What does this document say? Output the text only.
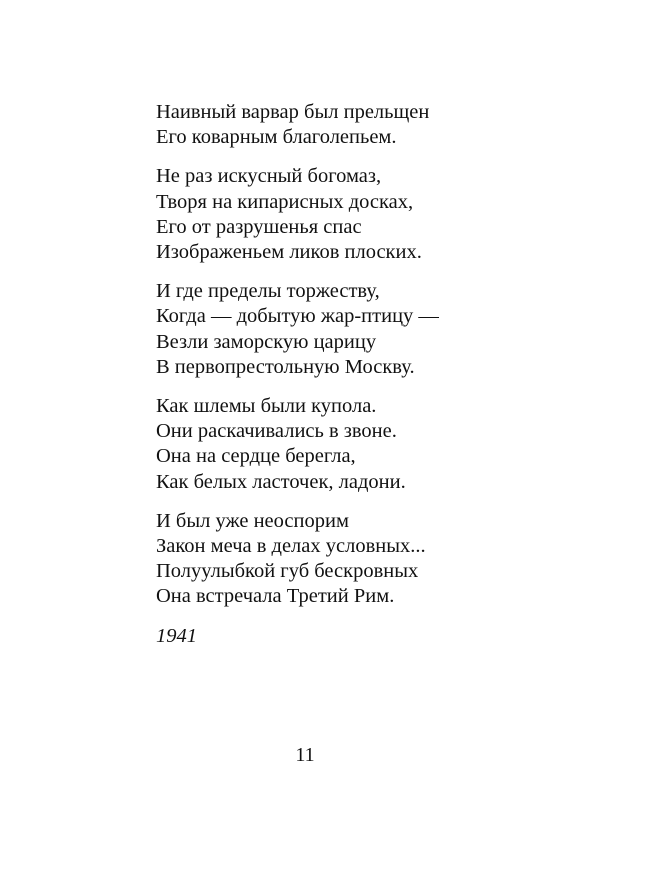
Наивный варвар был прельщен
Его коварным благолепьем.
Не раз искусный богомаз,
Творя на кипарисных досках,
Его от разрушенья спас
Изображеньем ликов плоских.
И где пределы торжеству,
Когда — добытую жар-птицу —
Везли заморскую царицу
В первопрестольную Москву.
Как шлемы были купола.
Они раскачивались в звоне.
Она на сердце берегла,
Как белых ласточек, ладони.
И был уже неоспорим
Закон меча в делах условных...
Полуулыбкой губ бескровных
Она встречала Третий Рим.
1941
11
